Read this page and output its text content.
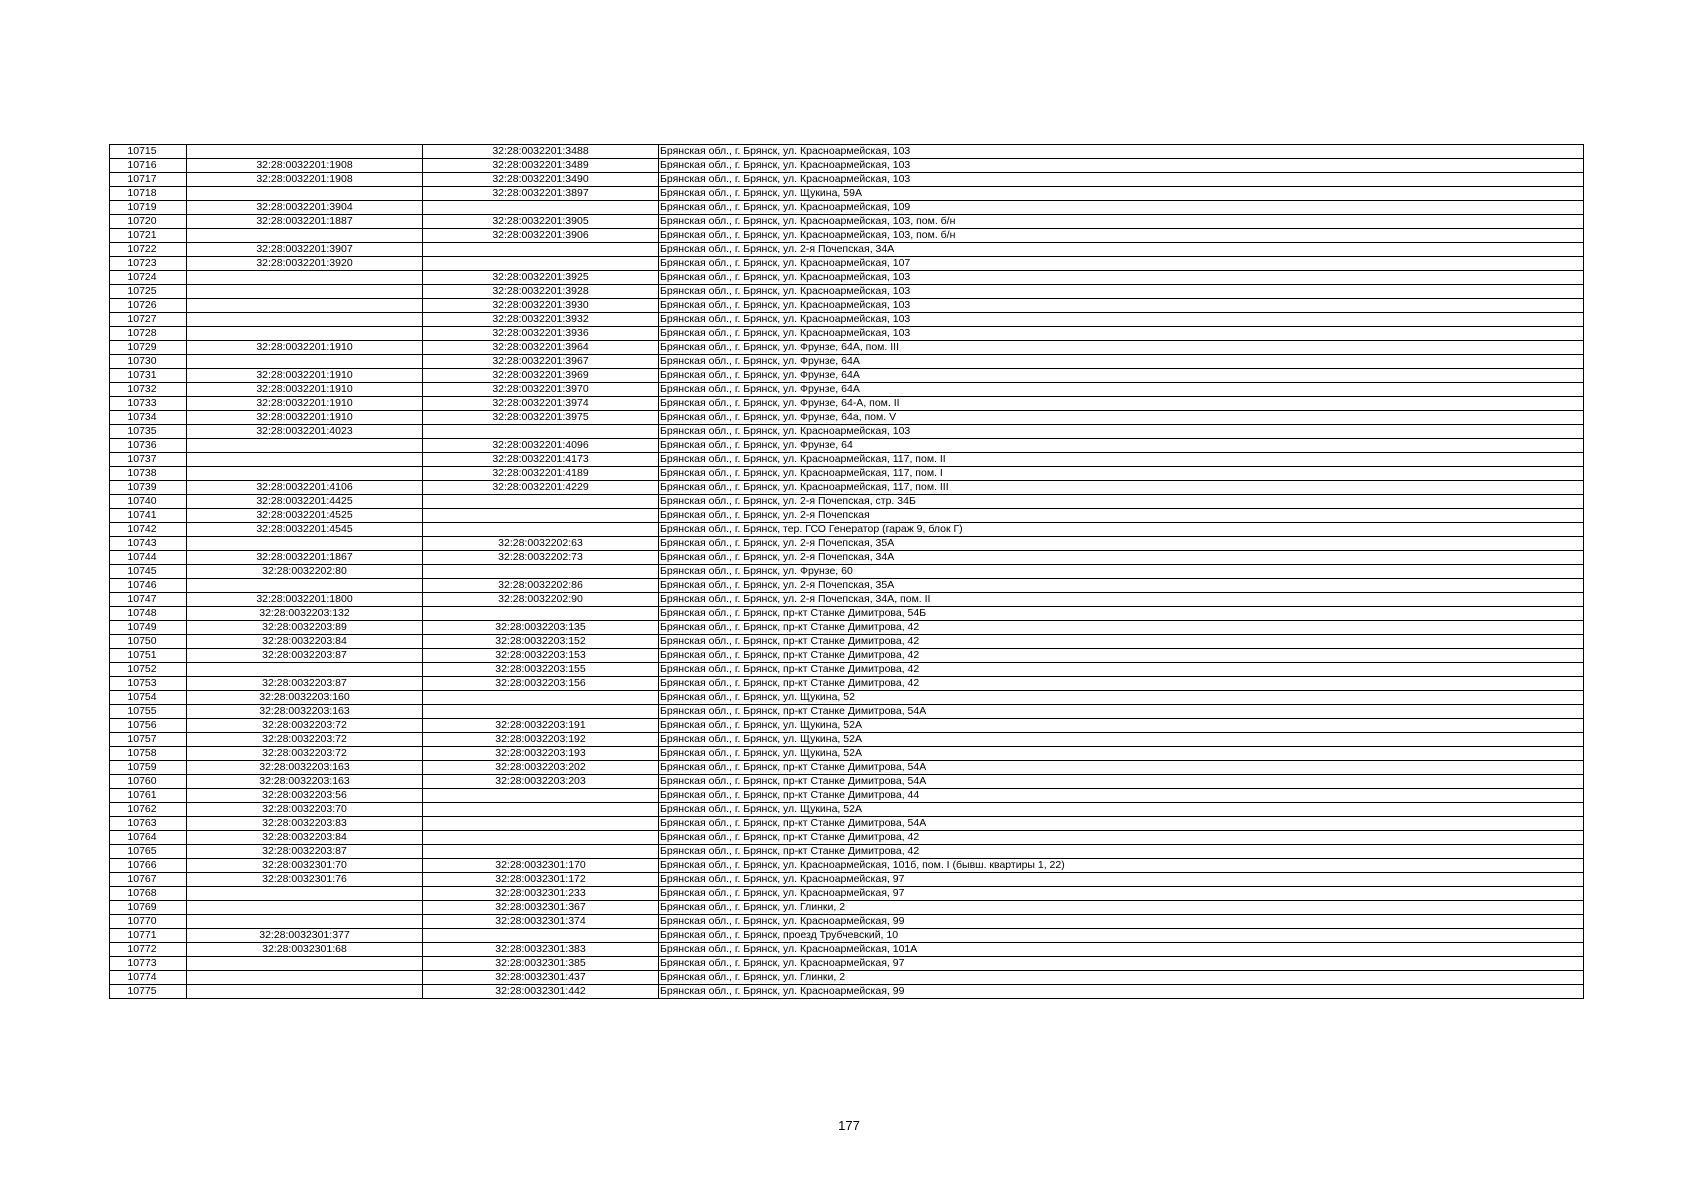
10715		32:28:0032201:3488	Брянская обл., г. Брянск, ул. Красноармейская, 103
10716	32:28:0032201:1908	32:28:0032201:3489	Брянская обл., г. Брянск, ул. Красноармейская, 103
10717	32:28:0032201:1908	32:28:0032201:3490	Брянская обл., г. Брянск, ул. Красноармейская, 103
10718		32:28:0032201:3897	Брянская обл., г. Брянск, ул. Щукина, 59А
10719	32:28:0032201:3904		Брянская обл., г. Брянск, ул. Красноармейская, 109
10720	32:28:0032201:1887	32:28:0032201:3905	Брянская обл., г. Брянск, ул. Красноармейская, 103, пом. б/н
10721		32:28:0032201:3906	Брянская обл., г. Брянск, ул. Красноармейская, 103, пом. б/н
10722	32:28:0032201:3907		Брянская обл., г. Брянск, ул. 2-я Почепская, 34А
10723	32:28:0032201:3920		Брянская обл., г. Брянск, ул. Красноармейская, 107
10724		32:28:0032201:3925	Брянская обл., г. Брянск, ул. Красноармейская, 103
10725		32:28:0032201:3928	Брянская обл., г. Брянск, ул. Красноармейская, 103
10726		32:28:0032201:3930	Брянская обл., г. Брянск, ул. Красноармейская, 103
10727		32:28:0032201:3932	Брянская обл., г. Брянск, ул. Красноармейская, 103
10728		32:28:0032201:3936	Брянская обл., г. Брянск, ул. Красноармейская, 103
10729	32:28:0032201:1910	32:28:0032201:3964	Брянская обл., г. Брянск, ул. Фрунзе, 64А, пом. III
10730		32:28:0032201:3967	Брянская обл., г. Брянск, ул. Фрунзе, 64А
10731	32:28:0032201:1910	32:28:0032201:3969	Брянская обл., г. Брянск, ул. Фрунзе, 64А
10732	32:28:0032201:1910	32:28:0032201:3970	Брянская обл., г. Брянск, ул. Фрунзе, 64А
10733	32:28:0032201:1910	32:28:0032201:3974	Брянская обл., г. Брянск, ул. Фрунзе, 64-А, пом. II
10734	32:28:0032201:1910	32:28:0032201:3975	Брянская обл., г. Брянск, ул. Фрунзе, 64а, пом. V
10735	32:28:0032201:4023		Брянская обл., г. Брянск, ул. Красноармейская, 103
10736		32:28:0032201:4096	Брянская обл., г. Брянск, ул. Фрунзе, 64
10737		32:28:0032201:4173	Брянская обл., г. Брянск, ул. Красноармейская, 117, пом. II
10738		32:28:0032201:4189	Брянская обл., г. Брянск, ул. Красноармейская, 117, пом. I
10739	32:28:0032201:4106	32:28:0032201:4229	Брянская обл., г. Брянск, ул. Красноармейская, 117, пом. III
10740	32:28:0032201:4425		Брянская обл., г. Брянск, ул. 2-я Почепская, стр. 34Б
10741	32:28:0032201:4525		Брянская обл., г. Брянск, ул. 2-я Почепская
10742	32:28:0032201:4545		Брянская обл., г. Брянск, тер. ГСО Генератор (гараж 9, блок Г)
10743		32:28:0032202:63	Брянская обл., г. Брянск, ул. 2-я Почепская, 35А
10744	32:28:0032201:1867	32:28:0032202:73	Брянская обл., г. Брянск, ул. 2-я Почепская, 34А
10745	32:28:0032202:80		Брянская обл., г. Брянск, ул. Фрунзе, 60
10746		32:28:0032202:86	Брянская обл., г. Брянск, ул. 2-я Почепская, 35А
10747	32:28:0032201:1800	32:28:0032202:90	Брянская обл., г. Брянск, ул. 2-я Почепская, 34А, пом. II
10748	32:28:0032203:132		Брянская обл., г. Брянск, пр-кт Станке Димитрова, 54Б
10749	32:28:0032203:89	32:28:0032203:135	Брянская обл., г. Брянск, пр-кт Станке Димитрова, 42
10750	32:28:0032203:84	32:28:0032203:152	Брянская обл., г. Брянск, пр-кт Станке Димитрова, 42
10751	32:28:0032203:87	32:28:0032203:153	Брянская обл., г. Брянск, пр-кт Станке Димитрова, 42
10752		32:28:0032203:155	Брянская обл., г. Брянск, пр-кт Станке Димитрова, 42
10753	32:28:0032203:87	32:28:0032203:156	Брянская обл., г. Брянск, пр-кт Станке Димитрова, 42
10754	32:28:0032203:160		Брянская обл., г. Брянск, ул. Щукина, 52
10755	32:28:0032203:163		Брянская обл., г. Брянск, пр-кт Станке Димитрова, 54А
10756	32:28:0032203:72	32:28:0032203:191	Брянская обл., г. Брянск, ул. Щукина, 52А
10757	32:28:0032203:72	32:28:0032203:192	Брянская обл., г. Брянск, ул. Щукина, 52А
10758	32:28:0032203:72	32:28:0032203:193	Брянская обл., г. Брянск, ул. Щукина, 52А
10759	32:28:0032203:163	32:28:0032203:202	Брянская обл., г. Брянск, пр-кт Станке Димитрова, 54А
10760	32:28:0032203:163	32:28:0032203:203	Брянская обл., г. Брянск, пр-кт Станке Димитрова, 54А
10761	32:28:0032203:56		Брянская обл., г. Брянск, пр-кт Станке Димитрова, 44
10762	32:28:0032203:70		Брянская обл., г. Брянск, ул. Щукина, 52А
10763	32:28:0032203:83		Брянская обл., г. Брянск, пр-кт Станке Димитрова, 54А
10764	32:28:0032203:84		Брянская обл., г. Брянск, пр-кт Станке Димитрова, 42
10765	32:28:0032203:87		Брянская обл., г. Брянск, пр-кт Станке Димитрова, 42
10766	32:28:0032301:70	32:28:0032301:170	Брянская обл., г. Брянск, ул. Красноармейская, 101б, пом. I (бывш. квартиры 1, 22)
10767	32:28:0032301:76	32:28:0032301:172	Брянская обл., г. Брянск, ул. Красноармейская, 97
10768		32:28:0032301:233	Брянская обл., г. Брянск, ул. Красноармейская, 97
10769		32:28:0032301:367	Брянская обл., г. Брянск, ул. Глинки, 2
10770		32:28:0032301:374	Брянская обл., г. Брянск, ул. Красноармейская, 99
10771	32:28:0032301:377		Брянская обл., г. Брянск, проезд Трубчевский, 10
10772	32:28:0032301:68	32:28:0032301:383	Брянская обл., г. Брянск, ул. Красноармейская, 101А
10773		32:28:0032301:385	Брянская обл., г. Брянск, ул. Красноармейская, 97
10774		32:28:0032301:437	Брянская обл., г. Брянск, ул. Глинки, 2
10775		32:28:0032301:442	Брянская обл., г. Брянск, ул. Красноармейская, 99
177
